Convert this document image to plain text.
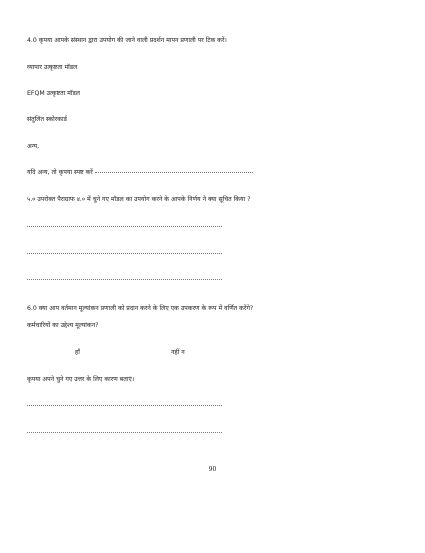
4.0 कृपया आपके संस्थान द्वारा उपयोग की जाने वाली प्रदर्शन मापन प्रणाली पर टिक करें।
व्यापार उत्कृष्टता मॉडल
EFQM उत्कृष्टता मॉडल
संतुलित स्कोरकार्ड
अन्य,
यदि अन्य, तो कृपया स्पष्ट करें
५.० उपरोक्त पैराग्राफ ४.० में चुने गए मॉडल का उपयोग करने के आपके निर्णय ने क्या सूचित किया ?
6.0 क्या आप वर्तमान मूल्यांकन प्रणाली को प्रदान करने के लिए एक उपकरण के रूप में वर्णित करेंगे?
कर्मचारियों का उद्देश्य मूल्यांकन?
हाँ	नहीं न
कृपया अपने चुने गए उत्तर के लिए कारण बताएं।
90
